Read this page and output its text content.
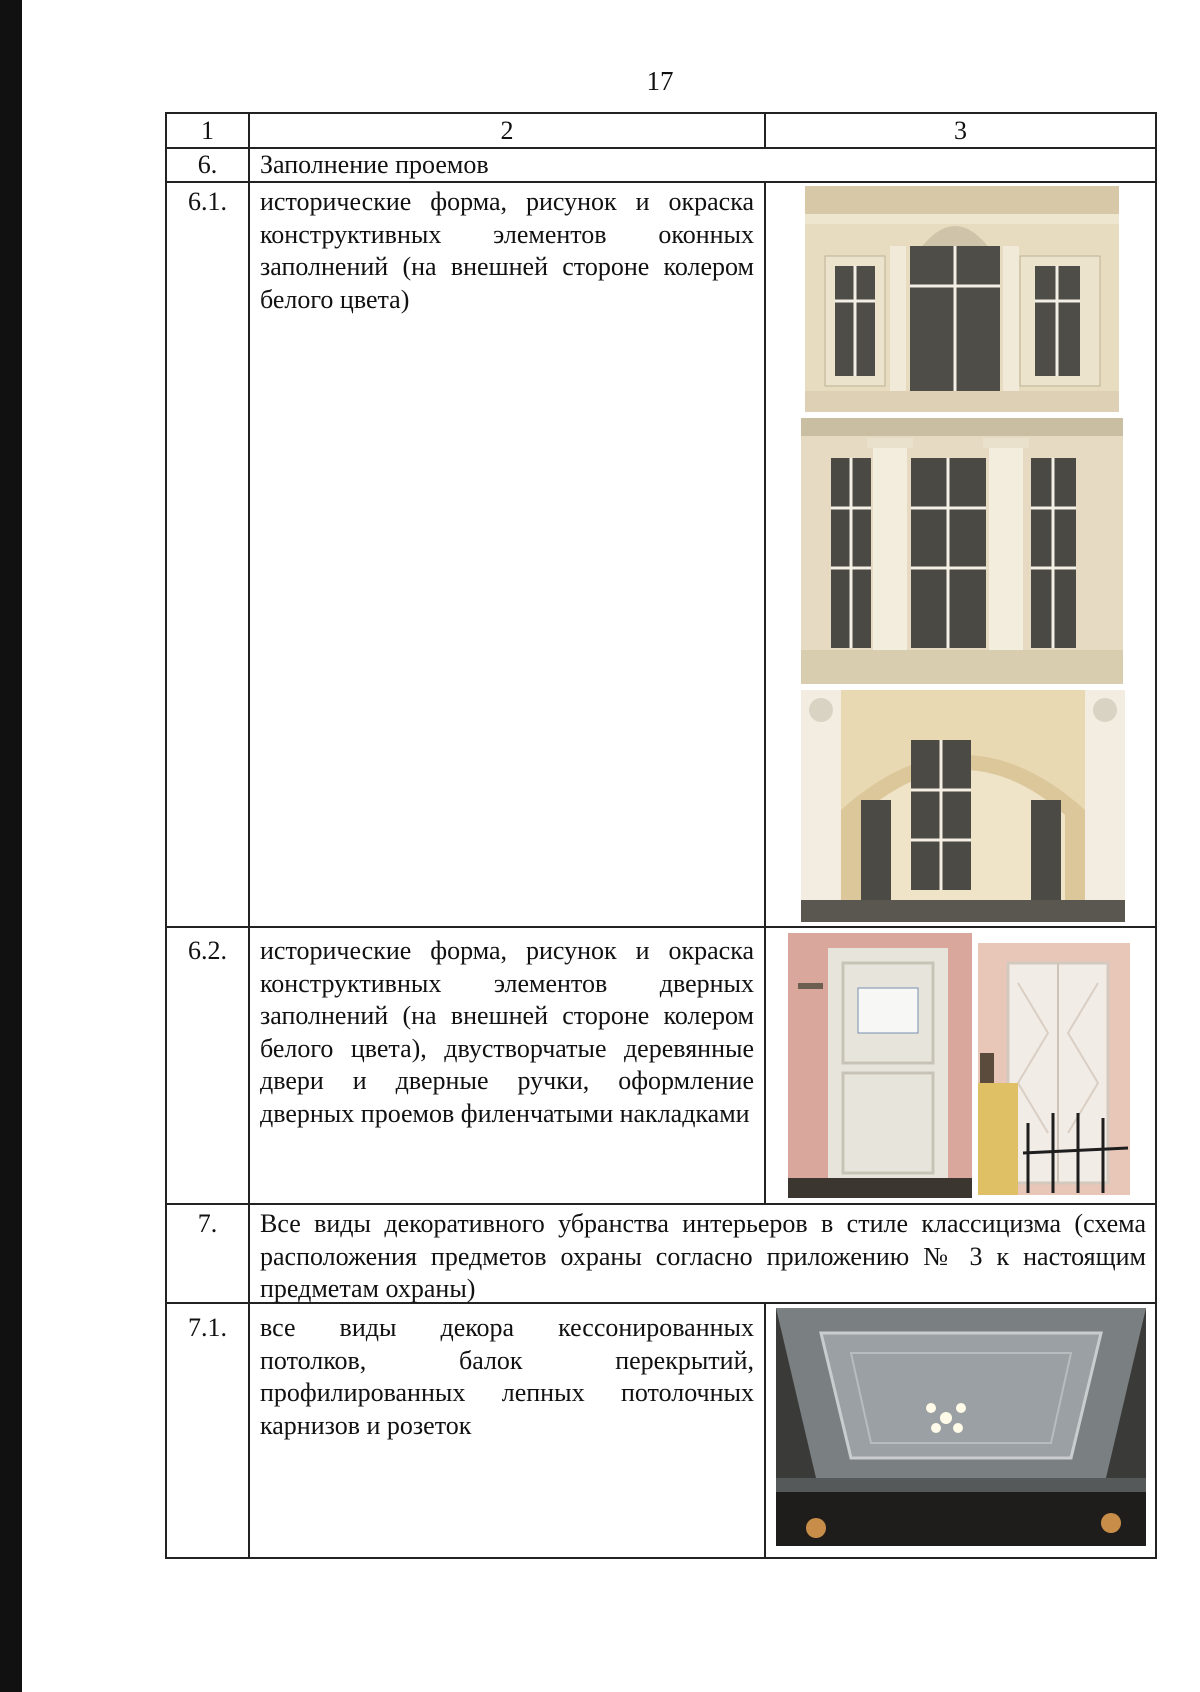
17
1	2	3
6.	Заполнение проемов
6.1.	исторические форма, рисунок и окраска конструктивных элементов оконных заполнений (на внешней стороне колером белого цвета)
6.2.	исторические форма, рисунок и окраска конструктивных элементов дверных заполнений (на внешней стороне колером белого цвета), двустворчатые деревянные двери и дверные ручки, оформление дверных проемов филенчатыми накладками
7.	Все виды декоративного убранства интерьеров в стиле классицизма (схема расположения предметов охраны согласно приложению № 3 к настоящим предметам охраны)
7.1.	все виды декора кессонированных потолков, балок перекрытий, профилированных лепных потолочных карнизов и розеток
